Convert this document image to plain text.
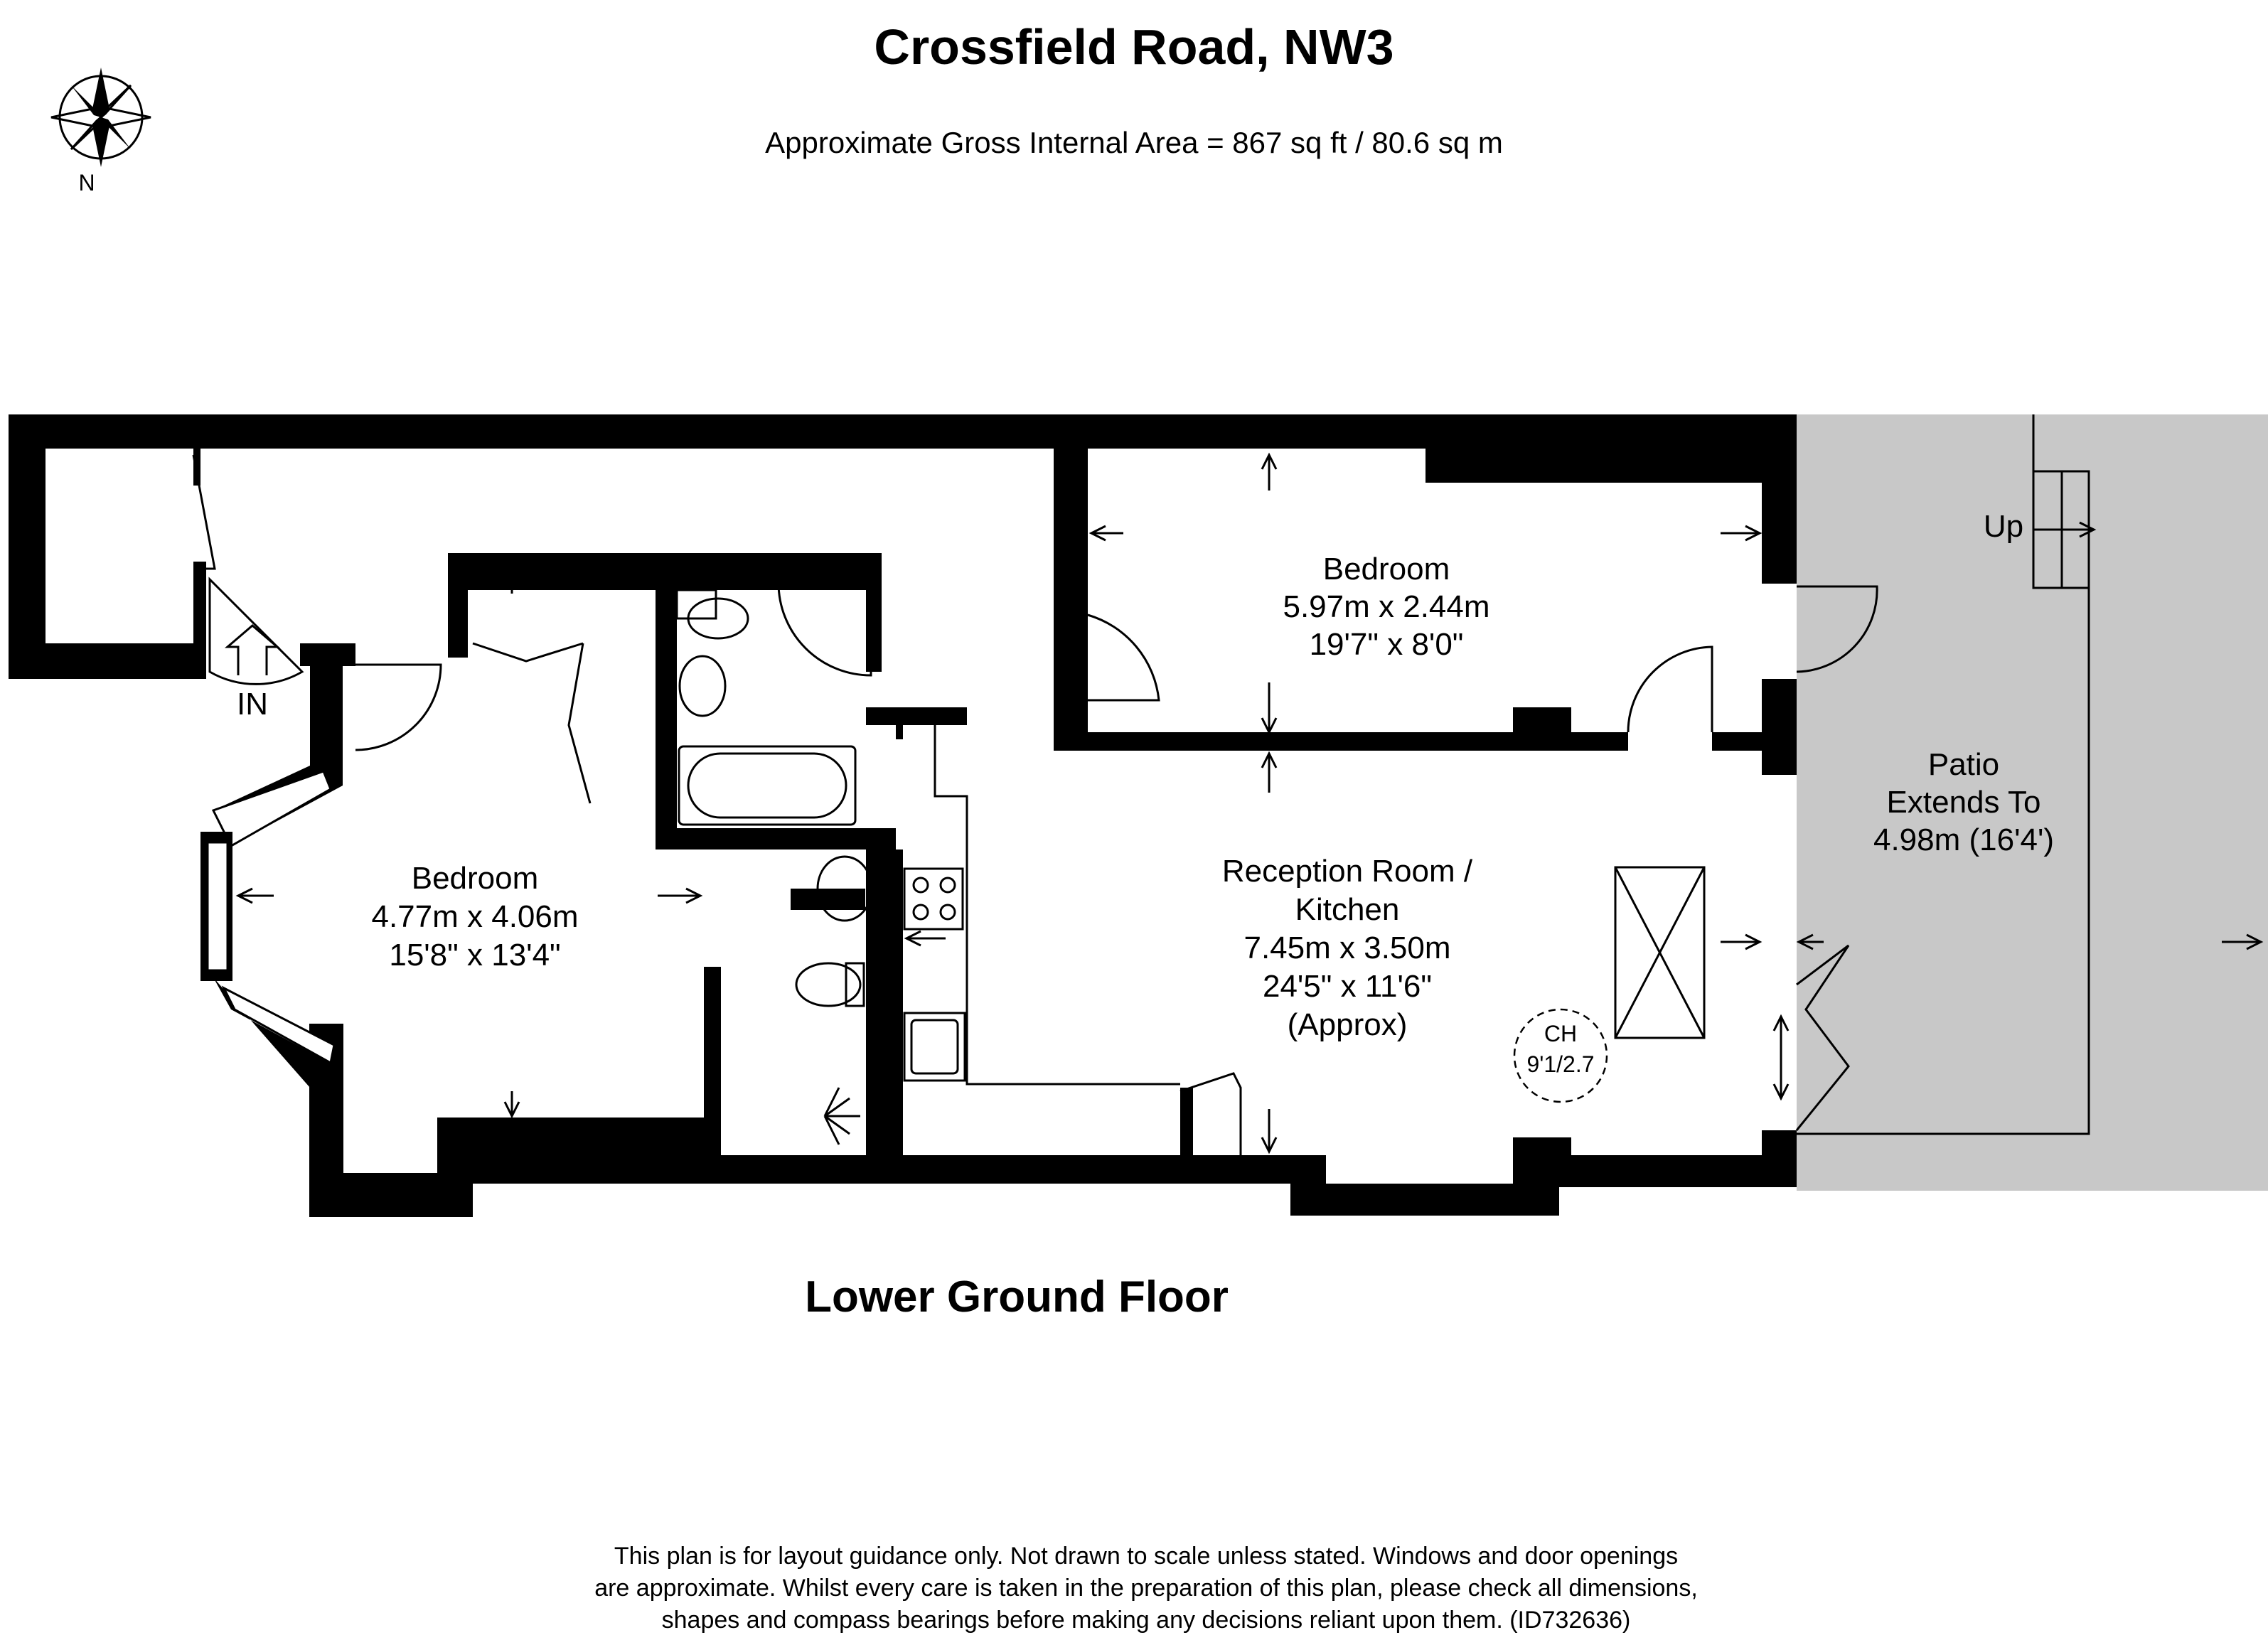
Crossfield Road, NW3
Approximate Gross Internal Area = 867 sq ft / 80.6 sq m
N
IN
Bedroom
4.77m x 4.06m
15'8" x 13'4"
Bedroom
5.97m x 2.44m
19'7" x 8'0"
Reception Room /
Kitchen
7.45m x 3.50m
24'5" x 11'6"
(Approx)
Patio
Extends To
4.98m (16'4')
Up
CH
9'1/2.7
Lower Ground Floor
This plan is for layout guidance only. Not drawn to scale unless stated. Windows and door openings
are approximate. Whilst every care is taken in the preparation of this plan, please check all dimensions,
shapes and compass bearings before making any decisions reliant upon them. (ID732636)
